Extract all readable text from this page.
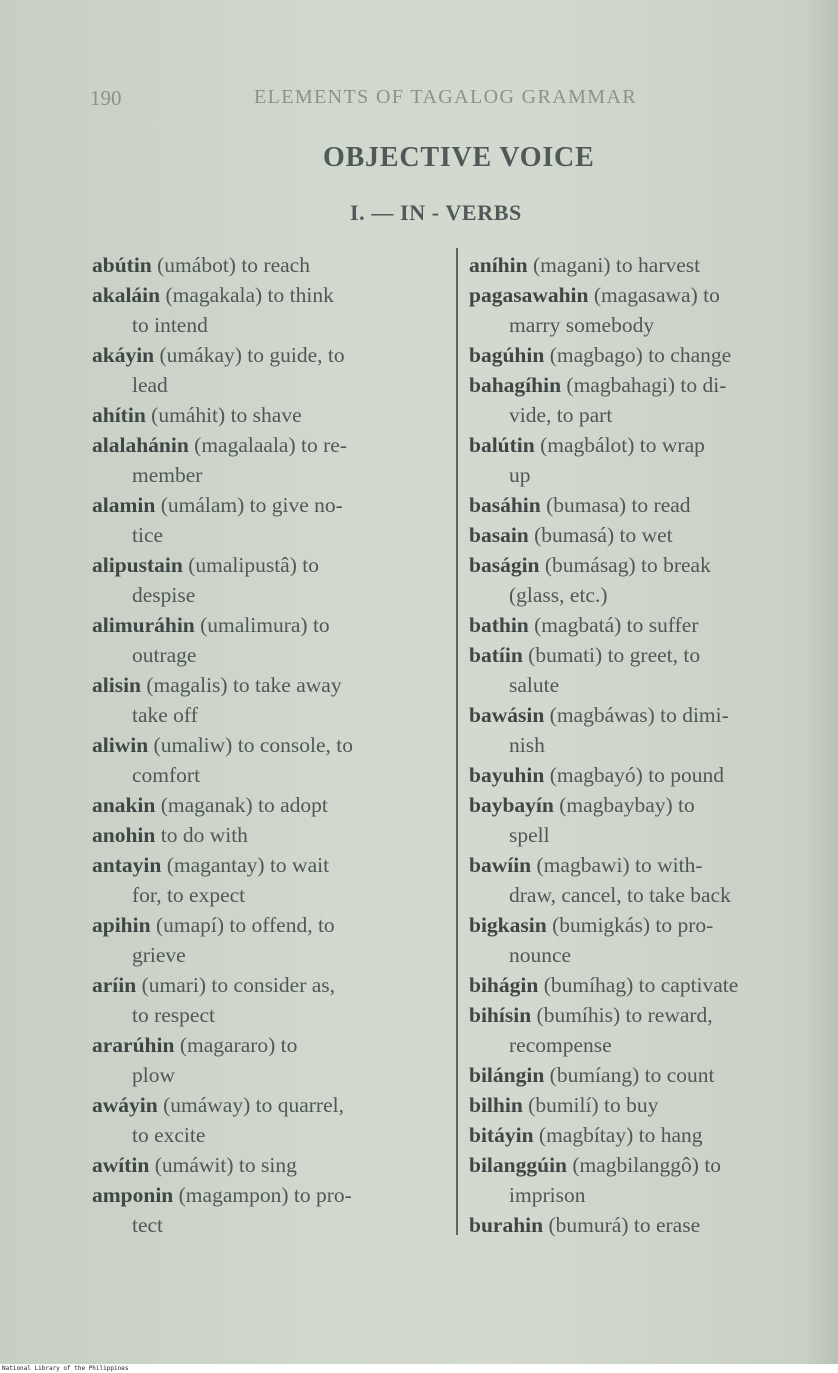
190	ELEMENTS OF TAGALOG GRAMMAR
OBJECTIVE VOICE
I. — IN - VERBS
abútin (umábot) to reach
akaláin (magakala) to think
to intend
akáyin (umákay) to guide, to
lead
ahítin (umáhit) to shave
alalahánin (magalaala) to re-
member
alamin (umálam) to give no-
tice
alipustain (umalipustâ) to
despise
alimuráhin (umalimura) to
outrage
alisin (magalis) to take away
take off
aliwin (umaliw) to console, to
comfort
anakin (maganak) to adopt
anohin to do with
antayin (magantay) to wait
for, to expect
apihin (umapí) to offend, to
grieve
aríin (umari) to consider as,
to respect
ararúhin (magararo) to
plow
awáyin (umáway) to quarrel,
to excite
awítin (umáwit) to sing
amponin (magampon) to pro-
tect
aníhin (magani) to harvest
pagasawahin (magasawa) to
marry somebody
bagúhin (magbago) to change
bahagíhin (magbahagi) to di-
vide, to part
balútin (magbálot) to wrap
up
basáhin (bumasa) to read
basain (bumasá) to wet
baságin (bumásag) to break
(glass, etc.)
bathin (magbatá) to suffer
batíin (bumati) to greet, to
salute
bawásin (magbáwas) to dimi-
nish
bayuhin (magbayó) to pound
baybayín (magbaybay) to
spell
bawíin (magbawi) to with-
draw, cancel, to take back
bigkasin (bumigkás) to pro-
nounce
bihágin (bumíhag) to captivate
bihísin (bumíhis) to reward,
recompense
bilángin (bumíang) to count
bilhin (bumilí) to buy
bitáyin (magbítay) to hang
bilanggúin (magbilanggô) to
imprison
burahin (bumurá) to erase
National Library of the Philippines
